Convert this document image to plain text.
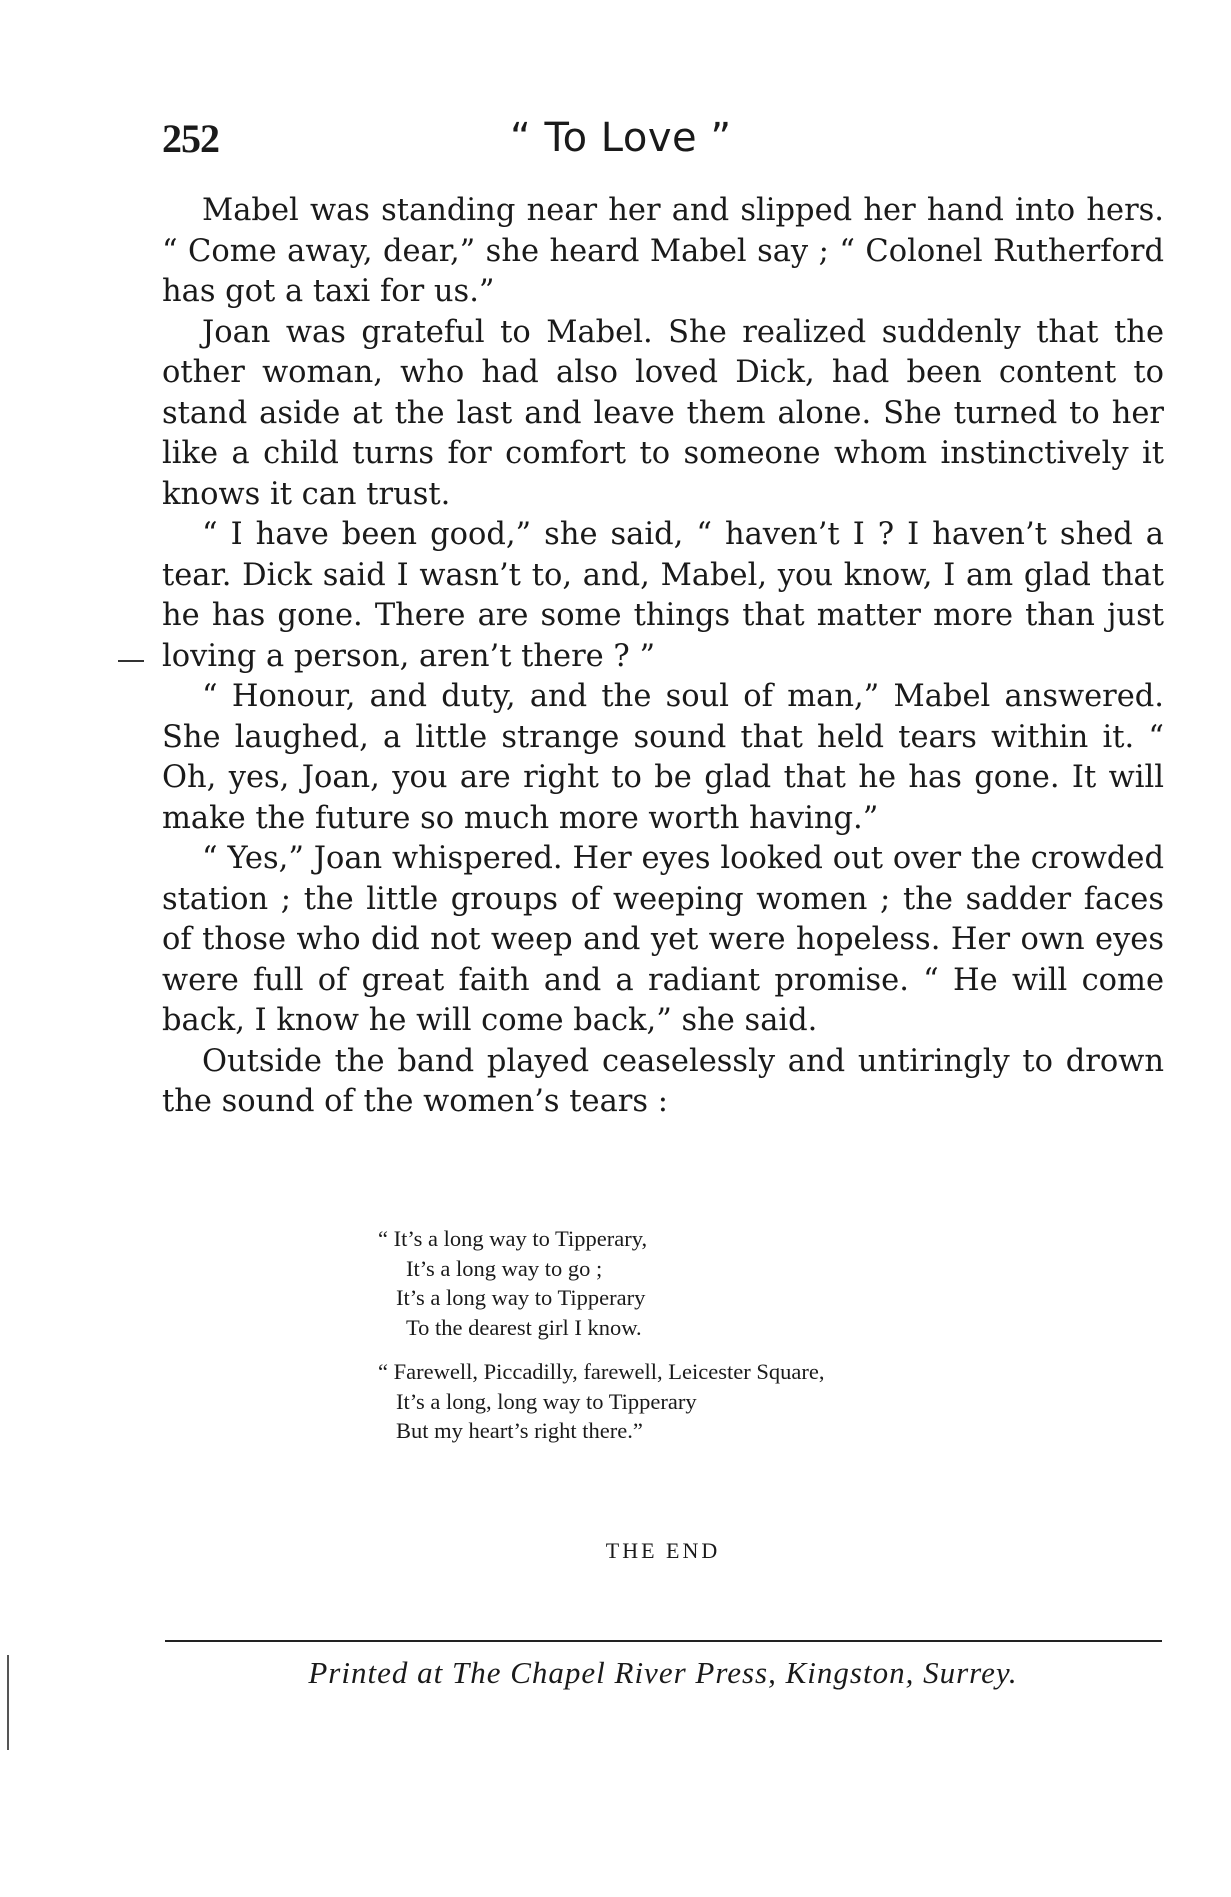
252	“ To Love ”

Mabel was standing near her and slipped her hand into hers. “ Come away, dear,” she heard Mabel say ; “ Colonel Rutherford has got a taxi for us.”

Joan was grateful to Mabel. She realized suddenly that the other woman, who had also loved Dick, had been content to stand aside at the last and leave them alone. She turned to her like a child turns for comfort to someone whom instinctively it knows it can trust.

“ I have been good,” she said, “ haven’t I ? I haven’t shed a tear. Dick said I wasn’t to, and, Mabel, you know, I am glad that he has gone. There are some things that matter more than just loving a person, aren’t there ? ”

“ Honour, and duty, and the soul of man,” Mabel answered. She laughed, a little strange sound that held tears within it. “ Oh, yes, Joan, you are right to be glad that he has gone. It will make the future so much more worth having.”

“ Yes,” Joan whispered. Her eyes looked out over the crowded station ; the little groups of weeping women ; the sadder faces of those who did not weep and yet were hopeless. Her own eyes were full of great faith and a radiant promise. “ He will come back, I know he will come back,” she said.

Outside the band played ceaselessly and untiringly to drown the sound of the women’s tears :

“ It’s a long way to Tipperary,
It’s a long way to go ;
It’s a long way to Tipperary
To the dearest girl I know.
“ Farewell, Piccadilly, farewell, Leicester Square,
It’s a long, long way to Tipperary
But my heart’s right there.”
THE END
Printed at The Chapel River Press, Kingston, Surrey.
